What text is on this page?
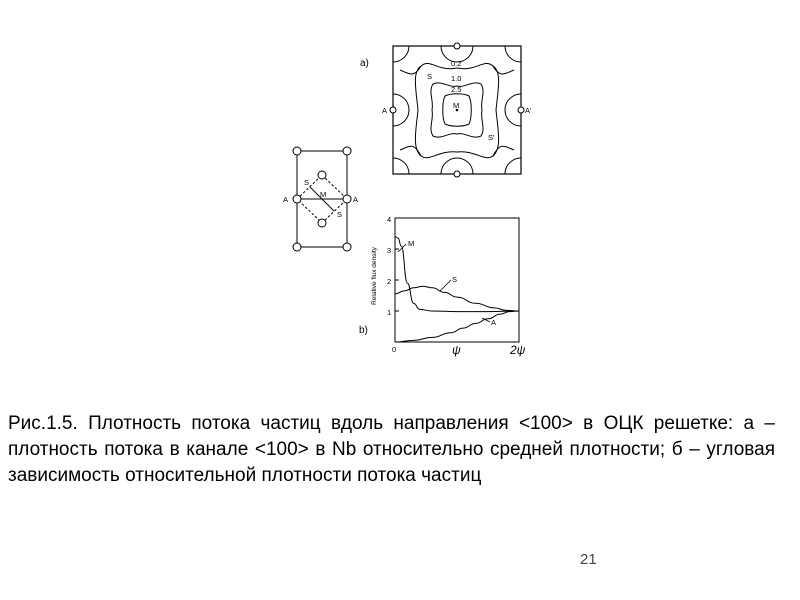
a)	0.2
1.0
2.5
S
S'
M
A	A'
S
S
M
A	A
b)
Relative flux density
4
3
2
1
0	ψ	2ψ
M
S
A
Рис.1.5. Плотность потока частиц вдоль направления <100> в ОЦК решетке: а – плотность потока в канале <100> в Nb относительно средней плотности; б – угловая зависимость относительной плотности потока частиц
21
